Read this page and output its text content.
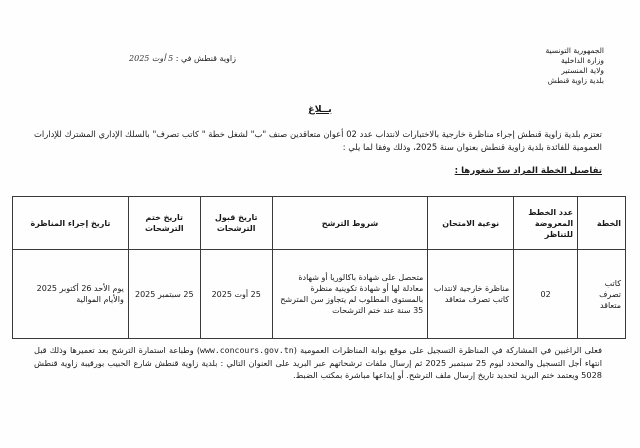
الجمهورية التونسية
وزارة الداخلية
ولاية المنستير
بلدية زاوية قنطش
زاوية قنطش في : 5 أوت 2025
بــلاغ
تعتزم بلدية زاوية قنطش إجراء مناظرة خارجية بالاختبارات لانتداب عدد 02 أعوان متعاقدين صنف "ب" لشغل خطة " كاتب تصرف" بالسلك الإداري المشترك للإدارات العمومية للفائدة بلدية زاوية قنطش بعنوان سنة 2025، وذلك وفقا لما يلي :
تفاصيل الخطة المراد سدّ شغورها :
الخطة	عدد الخطط المعروضة للتناظر	نوعية الامتحان	شروط الترشح	تاريخ قبول الترشحات	تاريخ ختم الترشحات	تاريخ إجراء المناظرة
كاتب تصرف متعاقد	02	مناظرة خارجية لانتداب كاتب تصرف متعاقد	متحصل على شهادة باكالوريا أو شهادة معادلة لها أو شهادة تكوينية منظرة بالمستوى المطلوب لم يتجاوز سن المترشح 35 سنة عند ختم الترشحات	25 أوت 2025	25 سبتمبر 2025	يوم الأحد 26 أكتوبر 2025 والأيام الموالية
فعلى الراغبين في المشاركة في المناظرة التسجيل على موقع بوابة المناظرات العمومية (www.concours.gov.tn) وطباعة استمارة الترشح بعد تعميرها وذلك قبل انتهاء أجل التسجيل والمحدد ليوم 25 سبتمبر 2025 ثم إرسال ملفات ترشحاتهم عبر البريد على العنوان التالي : بلدية زاوية قنطش شارع الحبيب بورقيبة زاوية قنطش 5028 ويعتمد ختم البريد لتحديد تاريخ إرسال ملف الترشح. أو إيداعها مباشرة بمكتب الضبط.
